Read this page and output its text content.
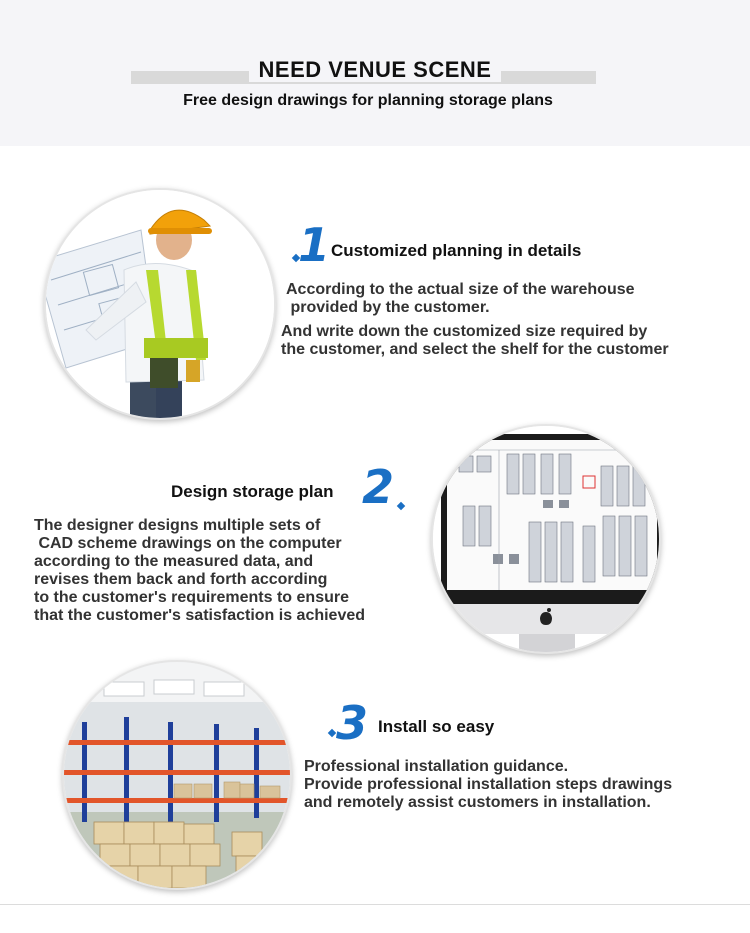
NEED VENUE SCENE
Free design drawings for planning storage plans
1 Customized planning in details
According to the actual size of the warehouse
provided by the customer.
And write down the customized size required by
the customer, and select the shelf for the customer
Design storage plan 2
The designer designs multiple sets of
CAD scheme drawings on the computer
according to the measured data, and
revises them back and forth according
to the customer's requirements to ensure
that the customer's satisfaction is achieved
3 Install so easy
Professional installation guidance.
Provide professional installation steps drawings
and remotely assist customers in installation.
